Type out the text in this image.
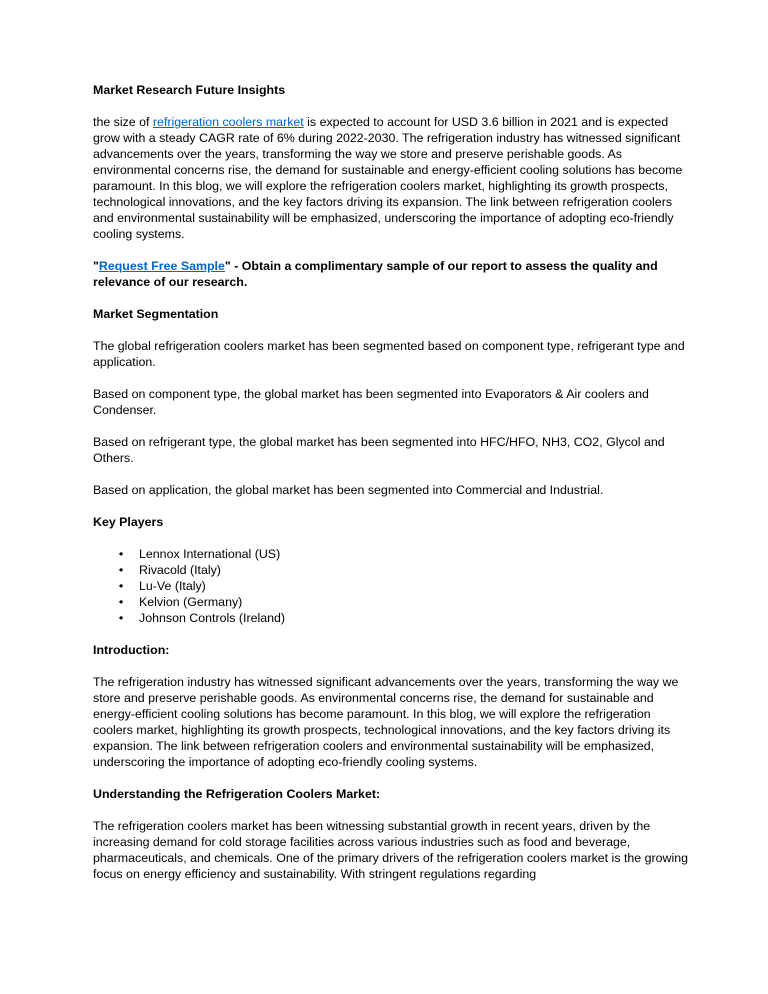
Market Research Future Insights

the size of refrigeration coolers market is expected to account for USD 3.6 billion in 2021 and is expected grow with a steady CAGR rate of 6% during 2022-2030. The refrigeration industry has witnessed significant advancements over the years, transforming the way we store and preserve perishable goods. As environmental concerns rise, the demand for sustainable and energy-efficient cooling solutions has become paramount. In this blog, we will explore the refrigeration coolers market, highlighting its growth prospects, technological innovations, and the key factors driving its expansion. The link between refrigeration coolers and environmental sustainability will be emphasized, underscoring the importance of adopting eco-friendly cooling systems.

"Request Free Sample" - Obtain a complimentary sample of our report to assess the quality and relevance of our research.

Market Segmentation

The global refrigeration coolers market has been segmented based on component type, refrigerant type and application.

Based on component type, the global market has been segmented into Evaporators & Air coolers and Condenser.

Based on refrigerant type, the global market has been segmented into HFC/HFO, NH3, CO2, Glycol and Others.

Based on application, the global market has been segmented into Commercial and Industrial.

Key Players

• Lennox International (US)
• Rivacold (Italy)
• Lu-Ve (Italy)
• Kelvion (Germany)
• Johnson Controls (Ireland)

Introduction:

The refrigeration industry has witnessed significant advancements over the years, transforming the way we store and preserve perishable goods. As environmental concerns rise, the demand for sustainable and energy-efficient cooling solutions has become paramount. In this blog, we will explore the refrigeration coolers market, highlighting its growth prospects, technological innovations, and the key factors driving its expansion. The link between refrigeration coolers and environmental sustainability will be emphasized, underscoring the importance of adopting eco-friendly cooling systems.

Understanding the Refrigeration Coolers Market:

The refrigeration coolers market has been witnessing substantial growth in recent years, driven by the increasing demand for cold storage facilities across various industries such as food and beverage, pharmaceuticals, and chemicals. One of the primary drivers of the refrigeration coolers market is the growing focus on energy efficiency and sustainability. With stringent regulations regarding
